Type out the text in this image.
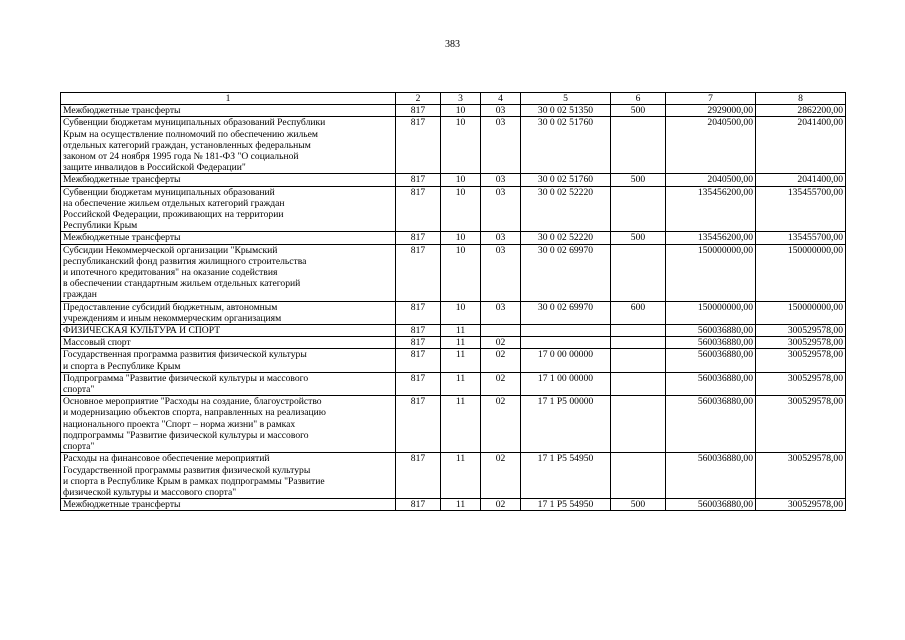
383
1	2	3	4	5	6	7	8

Межбюджетные трансферты	817	10	03	30 0 02 51350	500	2929000,00	2862200,00

Субвенции бюджетам муниципальных образований Республики
Крым на осуществление полномочий по обеспечению жильем
отдельных категорий граждан, установленных федеральным
законом от 24 ноября 1995 года № 181-ФЗ "О социальной
защите инвалидов в Российской Федерации"	817	10	03	30 0 02 51760		2040500,00	2041400,00

Межбюджетные трансферты	817	10	03	30 0 02 51760	500	2040500,00	2041400,00

Субвенции бюджетам муниципальных образований
на обеспечение жильем отдельных категорий граждан
Российской Федерации, проживающих на территории
Республики Крым	817	10	03	30 0 02 52220		135456200,00	135455700,00

Межбюджетные трансферты	817	10	03	30 0 02 52220	500	135456200,00	135455700,00

Субсидии Некоммерческой организации "Крымский
республиканский фонд развития жилищного строительства
и ипотечного кредитования" на оказание содействия
в обеспечении стандартным жильем отдельных категорий
граждан	817	10	03	30 0 02 69970		150000000,00	150000000,00

Предоставление субсидий бюджетным, автономным
учреждениям и иным некоммерческим организациям	817	10	03	30 0 02 69970	600	150000000,00	150000000,00

ФИЗИЧЕСКАЯ КУЛЬТУРА И СПОРТ	817	11				560036880,00	300529578,00

Массовый спорт	817	11	02			560036880,00	300529578,00

Государственная программа развития физической культуры
и спорта в Республике Крым	817	11	02	17 0 00 00000		560036880,00	300529578,00

Подпрограмма "Развитие физической культуры и массового
спорта"	817	11	02	17 1 00 00000		560036880,00	300529578,00

Основное мероприятие "Расходы на создание, благоустройство
и модернизацию объектов спорта, направленных на реализацию
национального проекта "Спорт – норма жизни" в рамках
подпрограммы "Развитие физической культуры и массового
спорта"	817	11	02	17 1 P5 00000		560036880,00	300529578,00

Расходы на финансовое обеспечение мероприятий
Государственной программы развития физической культуры
и спорта в Республике Крым в рамках подпрограммы "Развитие
физической культуры и массового спорта"	817	11	02	17 1 P5 54950		560036880,00	300529578,00

Межбюджетные трансферты	817	11	02	17 1 P5 54950	500	560036880,00	300529578,00
